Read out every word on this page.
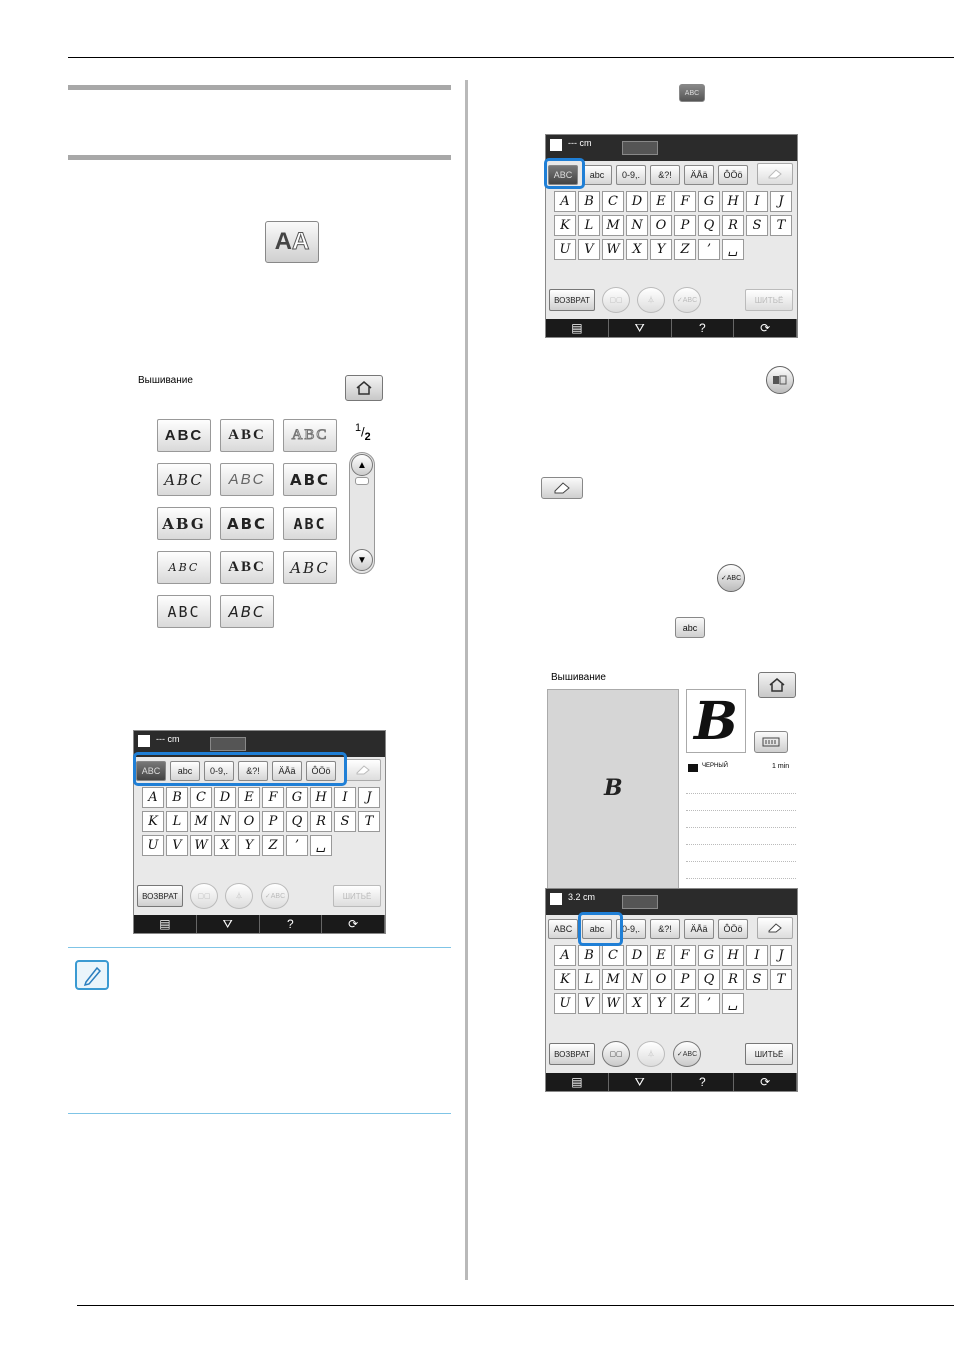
A A
Вышивание
ABC	ABC	ABC
ABC	ABC	ABC
ABG	ABC	ABC
ABC	ABC	ABC
ABC	ABC
$^1/_2$
▲
▼
--- cm
ABC	abc	0-9,.	&?!	ÄÅä	ÔÖö
A	B	C	D	E	F	G	H	I	J
K	L	M N O	P	Q	R	S	T
U	V W X	Y	Z	’	␣
ВОЗВРАТ	▢▢	⏃	✓ABC	ШИТЬЁ
▤	⛛	?	⟳
ABC
--- cm
ABC	abc	0-9,.	&?!	ÄÅä	ÔÖö
A	B	C	D	E	F	G	H	I	J
K	L	M N O	P	Q	R	S	T
U	V W X	Y	Z	’	␣
ВОЗВРАТ	▢▢	⏃	✓ABC	ШИТЬЁ
▤	⛛	?	⟳
✓ABC
abc
Вышивание
B
B
ЧЕРНЫЙ	1 min
3.2 cm
ABC	abc	0-9,.	&?!	ÄÅä	ÔÖö
A	B	C	D	E	F	G	H	I	J
K	L	M N O	P	Q	R	S	T
U	V W X	Y	Z	’	␣
ВОЗВРАТ	▢▢	⏃	✓ABC	ШИТЬЁ
▤	⛛	?	⟳
